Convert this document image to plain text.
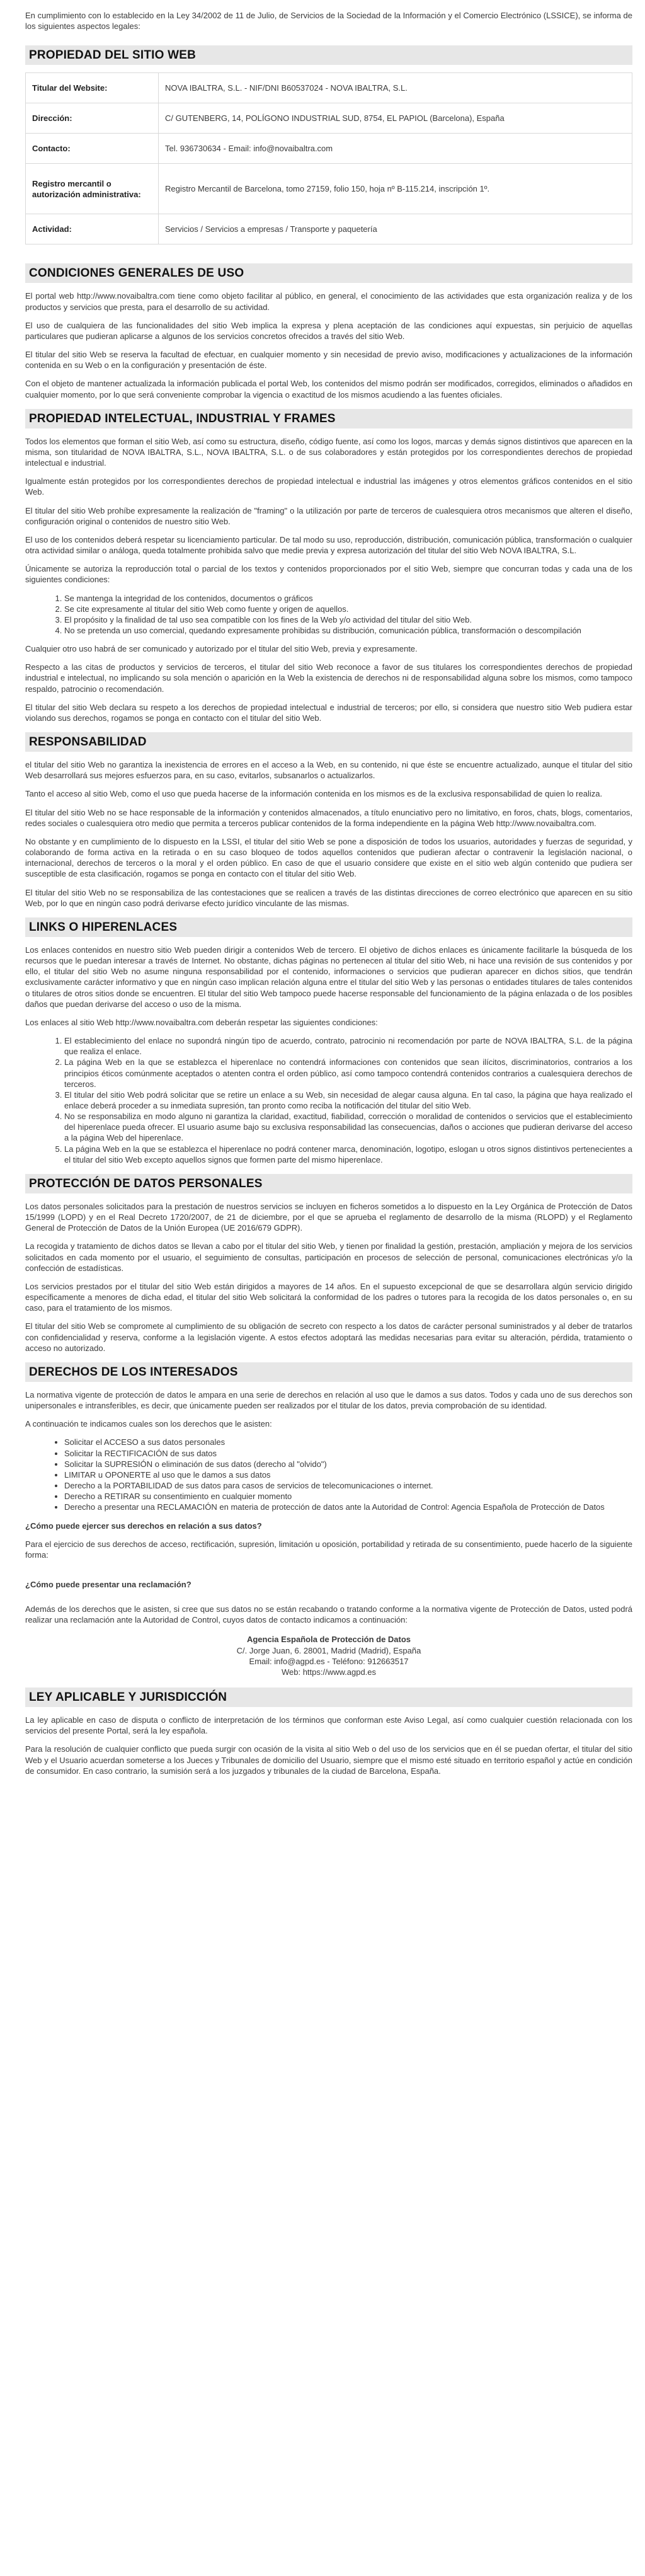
En cumplimiento con lo establecido en la Ley 34/2002 de 11 de Julio, de Servicios de la Sociedad de la Información y el Comercio Electrónico (LSSICE), se informa de los siguientes aspectos legales:

PROPIEDAD DEL SITIO WEB
Titular del Website:	NOVA IBALTRA, S.L. - NIF/DNI B60537024 - NOVA IBALTRA, S.L.
Dirección:	C/ GUTENBERG, 14, POLÍGONO INDUSTRIAL SUD, 8754, EL PAPIOL (Barcelona), España
Contacto:	Tel. 936730634 - Email: info@novaibaltra.com
Registro mercantil o autorización administrativa:	Registro Mercantil de Barcelona, tomo 27159, folio 150, hoja nº B-115.214, inscripción 1º.
Actividad:	Servicios / Servicios a empresas / Transporte y paquetería
CONDICIONES GENERALES DE USO

El portal web http://www.novaibaltra.com tiene como objeto facilitar al público, en general, el conocimiento de las actividades que esta organización realiza y de los productos y servicios que presta, para el desarrollo de su actividad.

El uso de cualquiera de las funcionalidades del sitio Web implica la expresa y plena aceptación de las condiciones aquí expuestas, sin perjuicio de aquellas particulares que pudieran aplicarse a algunos de los servicios concretos ofrecidos a través del sitio Web.

El titular del sitio Web se reserva la facultad de efectuar, en cualquier momento y sin necesidad de previo aviso, modificaciones y actualizaciones de la información contenida en su Web o en la configuración y presentación de éste.

Con el objeto de mantener actualizada la información publicada el portal Web, los contenidos del mismo podrán ser modificados, corregidos, eliminados o añadidos en cualquier momento, por lo que será conveniente comprobar la vigencia o exactitud de los mismos acudiendo a las fuentes oficiales.

PROPIEDAD INTELECTUAL, INDUSTRIAL Y FRAMES

Todos los elementos que forman el sitio Web, así como su estructura, diseño, código fuente, así como los logos, marcas y demás signos distintivos que aparecen en la misma, son titularidad de NOVA IBALTRA, S.L., NOVA IBALTRA, S.L. o de sus colaboradores y están protegidos por los correspondientes derechos de propiedad intelectual e industrial.

Igualmente están protegidos por los correspondientes derechos de propiedad intelectual e industrial las imágenes y otros elementos gráficos contenidos en el sitio Web.

El titular del sitio Web prohíbe expresamente la realización de "framing" o la utilización por parte de terceros de cualesquiera otros mecanismos que alteren el diseño, configuración original o contenidos de nuestro sitio Web.

El uso de los contenidos deberá respetar su licenciamiento particular. De tal modo su uso, reproducción, distribución, comunicación pública, transformación o cualquier otra actividad similar o análoga, queda totalmente prohibida salvo que medie previa y expresa autorización del titular del sitio Web NOVA IBALTRA, S.L.

Únicamente se autoriza la reproducción total o parcial de los textos y contenidos proporcionados por el sitio Web, siempre que concurran todas y cada una de los siguientes condiciones:

1. Se mantenga la integridad de los contenidos, documentos o gráficos
2. Se cite expresamente al titular del sitio Web como fuente y origen de aquellos.
3. El propósito y la finalidad de tal uso sea compatible con los fines de la Web y/o actividad del titular del sitio Web.
4. No se pretenda un uso comercial, quedando expresamente prohibidas su distribución, comunicación pública, transformación o descompilación

Cualquier otro uso habrá de ser comunicado y autorizado por el titular del sitio Web, previa y expresamente.

Respecto a las citas de productos y servicios de terceros, el titular del sitio Web reconoce a favor de sus titulares los correspondientes derechos de propiedad industrial e intelectual, no implicando su sola mención o aparición en la Web la existencia de derechos ni de responsabilidad alguna sobre los mismos, como tampoco respaldo, patrocinio o recomendación.

El titular del sitio Web declara su respeto a los derechos de propiedad intelectual e industrial de terceros; por ello, si considera que nuestro sitio Web pudiera estar violando sus derechos, rogamos se ponga en contacto con el titular del sitio Web.

RESPONSABILIDAD

el titular del sitio Web no garantiza la inexistencia de errores en el acceso a la Web, en su contenido, ni que éste se encuentre actualizado, aunque el titular del sitio Web desarrollará sus mejores esfuerzos para, en su caso, evitarlos, subsanarlos o actualizarlos.

Tanto el acceso al sitio Web, como el uso que pueda hacerse de la información contenida en los mismos es de la exclusiva responsabilidad de quien lo realiza.

El titular del sitio Web no se hace responsable de la información y contenidos almacenados, a título enunciativo pero no limitativo, en foros, chats, blogs, comentarios, redes sociales o cualesquiera otro medio que permita a terceros publicar contenidos de la forma independiente en la página Web http://www.novaibaltra.com.

No obstante y en cumplimiento de lo dispuesto en la LSSI, el titular del sitio Web se pone a disposición de todos los usuarios, autoridades y fuerzas de seguridad, y colaborando de forma activa en la retirada o en su caso bloqueo de todos aquellos contenidos que pudieran afectar o contravenir la legislación nacional, o internacional, derechos de terceros o la moral y el orden público. En caso de que el usuario considere que existe en el sitio web algún contenido que pudiera ser susceptible de esta clasificación, rogamos se ponga en contacto con el titular del sitio Web.

El titular del sitio Web no se responsabiliza de las contestaciones que se realicen a través de las distintas direcciones de correo electrónico que aparecen en su sitio Web, por lo que en ningún caso podrá derivarse efecto jurídico vinculante de las mismas.

LINKS O HIPERENLACES

Los enlaces contenidos en nuestro sitio Web pueden dirigir a contenidos Web de tercero. El objetivo de dichos enlaces es únicamente facilitarle la búsqueda de los recursos que le puedan interesar a través de Internet. No obstante, dichas páginas no pertenecen al titular del sitio Web, ni hace una revisión de sus contenidos y por ello, el titular del sitio Web no asume ninguna responsabilidad por el contenido, informaciones o servicios que pudieran aparecer en dichos sitios, que tendrán exclusivamente carácter informativo y que en ningún caso implican relación alguna entre el titular del sitio Web y las personas o entidades titulares de tales contenidos o titulares de otros sitios donde se encuentren. El titular del sitio Web tampoco puede hacerse responsable del funcionamiento de la página enlazada o de los posibles daños que puedan derivarse del acceso o uso de la misma.

Los enlaces al sitio Web http://www.novaibaltra.com deberán respetar las siguientes condiciones:

1. El establecimiento del enlace no supondrá ningún tipo de acuerdo, contrato, patrocinio ni recomendación por parte de NOVA IBALTRA, S.L. de la página que realiza el enlace.
2. La página Web en la que se establezca el hiperenlace no contendrá informaciones con contenidos que sean ilícitos, discriminatorios, contrarios a los principios éticos comúnmente aceptados o atenten contra el orden público, así como tampoco contendrá contenidos contrarios a cualesquiera derechos de terceros.
3. El titular del sitio Web podrá solicitar que se retire un enlace a su Web, sin necesidad de alegar causa alguna. En tal caso, la página que haya realizado el enlace deberá proceder a su inmediata supresión, tan pronto como reciba la notificación del titular del sitio Web.
4. No se responsabiliza en modo alguno ni garantiza la claridad, exactitud, fiabilidad, corrección o moralidad de contenidos o servicios que el establecimiento del hiperenlace pueda ofrecer. El usuario asume bajo su exclusiva responsabilidad las consecuencias, daños o acciones que pudieran derivarse del acceso a la página Web del hiperenlace.
5. La página Web en la que se establezca el hiperenlace no podrá contener marca, denominación, logotipo, eslogan u otros signos distintivos pertenecientes a el titular del sitio Web excepto aquellos signos que formen parte del mismo hiperenlace.
PROTECCIÓN DE DATOS PERSONALES

Los datos personales solicitados para la prestación de nuestros servicios se incluyen en ficheros sometidos a lo dispuesto en la Ley Orgánica de Protección de Datos 15/1999 (LOPD) y en el Real Decreto 1720/2007, de 21 de diciembre, por el que se aprueba el reglamento de desarrollo de la misma (RLOPD) y el Reglamento General de Protección de Datos de la Unión Europea (UE 2016/679 GDPR).

La recogida y tratamiento de dichos datos se llevan a cabo por el titular del sitio Web, y tienen por finalidad la gestión, prestación, ampliación y mejora de los servicios solicitados en cada momento por el usuario, el seguimiento de consultas, participación en procesos de selección de personal, comunicaciones electrónicas y/o la confección de estadísticas.

Los servicios prestados por el titular del sitio Web están dirigidos a mayores de 14 años. En el supuesto excepcional de que se desarrollara algún servicio dirigido específicamente a menores de dicha edad, el titular del sitio Web solicitará la conformidad de los padres o tutores para la recogida de los datos personales o, en su caso, para el tratamiento de los mismos.

El titular del sitio Web se compromete al cumplimiento de su obligación de secreto con respecto a los datos de carácter personal suministrados y al deber de tratarlos con confidencialidad y reserva, conforme a la legislación vigente. A estos efectos adoptará las medidas necesarias para evitar su alteración, pérdida, tratamiento o acceso no autorizado.

DERECHOS DE LOS INTERESADOS

La normativa vigente de protección de datos le ampara en una serie de derechos en relación al uso que le damos a sus datos. Todos y cada uno de sus derechos son unipersonales e intransferibles, es decir, que únicamente pueden ser realizados por el titular de los datos, previa comprobación de su identidad.

A continuación te indicamos cuales son los derechos que le asisten:

• Solicitar el ACCESO a sus datos personales
• Solicitar la RECTIFICACIÓN de sus datos
• Solicitar la SUPRESIÓN o eliminación de sus datos (derecho al "olvido")
• LIMITAR u OPONERTE al uso que le damos a sus datos
• Derecho a la PORTABILIDAD de sus datos para casos de servicios de telecomunicaciones o internet.
• Derecho a RETIRAR su consentimiento en cualquier momento
• Derecho a presentar una RECLAMACIÓN en materia de protección de datos ante la Autoridad de Control: Agencia Española de Protección de Datos
¿Cómo puede ejercer sus derechos en relación a sus datos?

Para el ejercicio de sus derechos de acceso, rectificación, supresión, limitación u oposición, portabilidad y retirada de su consentimiento, puede hacerlo de la siguiente forma:

¿Cómo puede presentar una reclamación?

Además de los derechos que le asisten, si cree que sus datos no se están recabando o tratando conforme a la normativa vigente de Protección de Datos, usted podrá realizar una reclamación ante la Autoridad de Control, cuyos datos de contacto indicamos a continuación:

Agencia Española de Protección de Datos
C/. Jorge Juan, 6. 28001, Madrid (Madrid), España
Email: info@agpd.es - Teléfono: 912663517
Web: https://www.agpd.es
LEY APLICABLE Y JURISDICCIÓN

La ley aplicable en caso de disputa o conflicto de interpretación de los términos que conforman este Aviso Legal, así como cualquier cuestión relacionada con los servicios del presente Portal, será la ley española.

Para la resolución de cualquier conflicto que pueda surgir con ocasión de la visita al sitio Web o del uso de los servicios que en él se puedan ofertar, el titular del sitio Web y el Usuario acuerdan someterse a los Jueces y Tribunales de domicilio del Usuario, siempre que el mismo esté situado en territorio español y actúe en condición de consumidor. En caso contrario, la sumisión será a los juzgados y tribunales de la ciudad de Barcelona, España.
